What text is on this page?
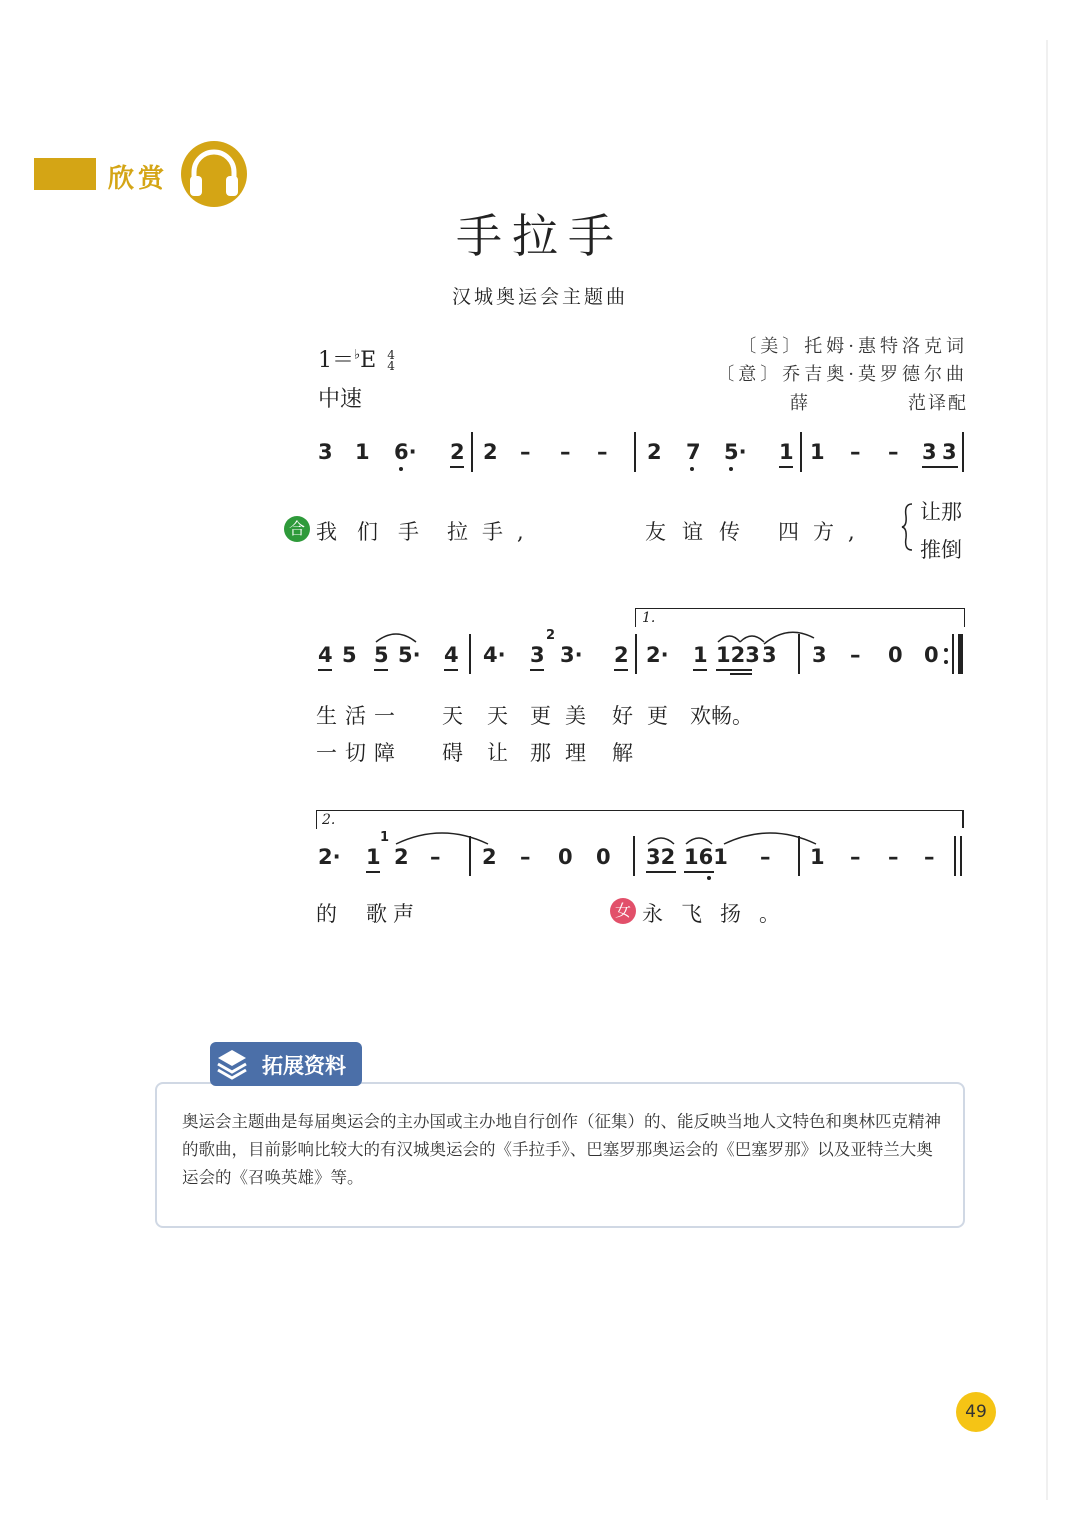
欣赏
手拉手
汉城奥运会主题曲
1＝♭E 4
4
中速
〔美〕托姆·惠特洛克词
〔意〕乔吉奥·莫罗德尔曲
薛	范译配
3 1 6· 2 2 – – – 2 7 5· 1 1 – – 3 3
合 我们手 拉手,	友谊传 四方,
让那
推倒
1.
4 5 5 5· 4 4· 3
2
3· 2 2· 1 123 3 3 – 0 0
生活一 天天
更美 好更 欢畅。
一切障 碍让
那理 解
2.
2· 1
1
2 – 2 – 0 0 32 161 – 1 – – –
的 歌声	女 永飞扬。
拓展资料
奥运会主题曲是每届奥运会的主办国或主办地自行创作（征集）的、能反映当地人文特色和奥林匹克精神的歌曲，目前影响比较大的有汉城奥运会的《手拉手》、巴塞罗那奥运会的《巴塞罗那》以及亚特兰大奥运会的《召唤英雄》等。
49
